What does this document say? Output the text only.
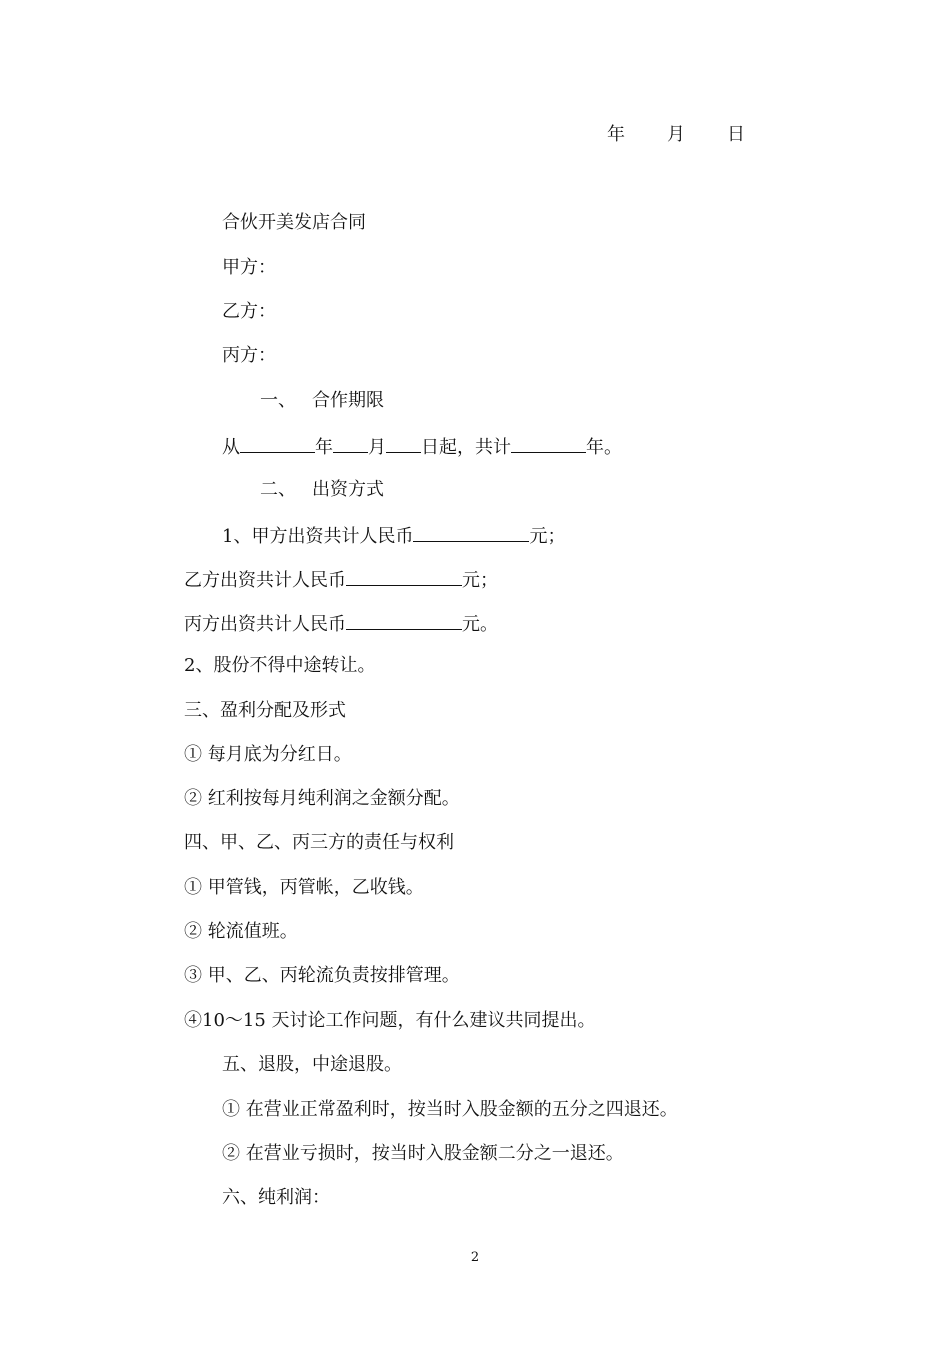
年 月 日
合伙开美发店合同
甲方：
乙方：
丙方：
一、 合作期限
从	年 月 日起，共计	年。
二、 出资方式
1、甲方出资共计人民币	元；
乙方出资共计人民币	元；
丙方出资共计人民币	元。
2、股份不得中途转让。
三、盈利分配及形式
① 每月底为分红日。
② 红利按每月纯利润之金额分配。
四、甲、乙、丙三方的责任与权利
① 甲管钱，丙管帐，乙收钱。
② 轮流值班。
③ 甲、乙、丙轮流负责按排管理。
④10～15 天讨论工作问题，有什么建议共同提出。
五、退股，中途退股。
① 在营业正常盈利时，按当时入股金额的五分之四退还。
② 在营业亏损时，按当时入股金额二分之一退还。
六、纯利润：
2
